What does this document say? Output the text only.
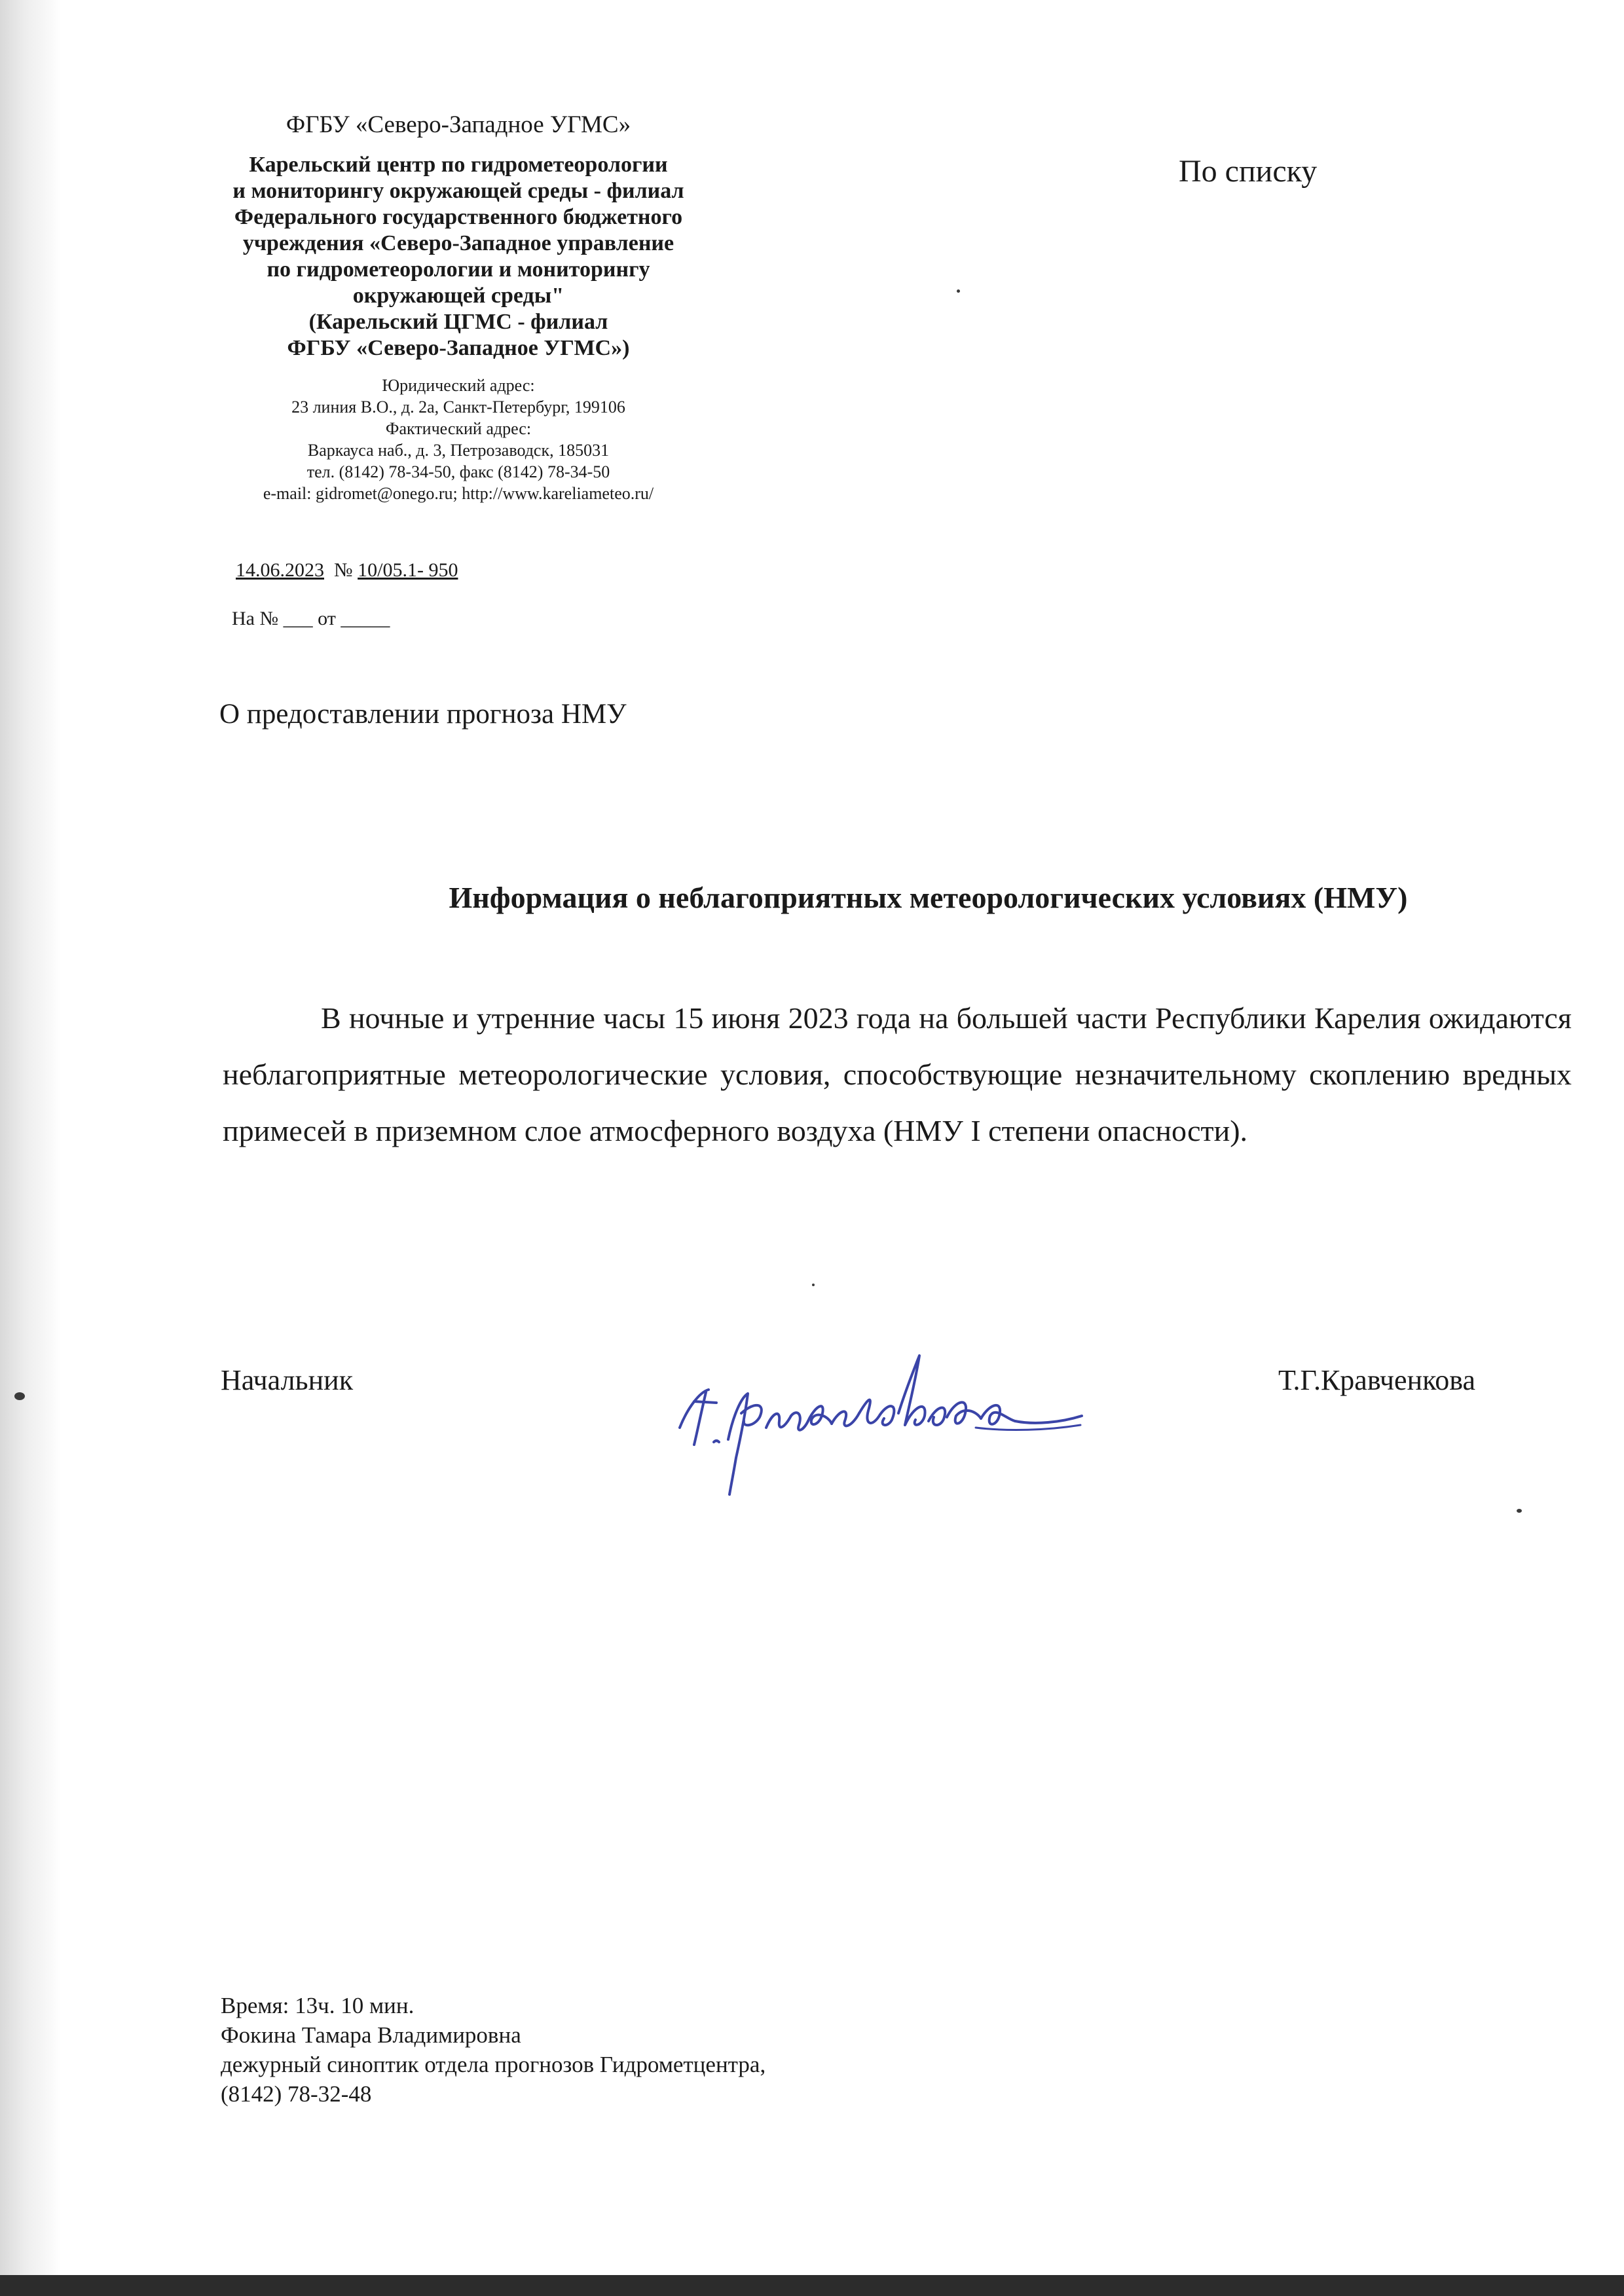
ФГБУ «Северо-Западное УГМС»
Карельский центр по гидрометеорологии
и мониторингу окружающей среды - филиал
Федерального государственного бюджетного
учреждения «Северо-Западное управление
по гидрометеорологии и мониторингу
окружающей среды"
(Карельский ЦГМС - филиал
ФГБУ «Северо-Западное УГМС»)
Юридический адрес:
23 линия В.О., д. 2а, Санкт-Петербург, 199106
Фактический адрес:
Варкауса наб., д. 3, Петрозаводск, 185031
тел. (8142) 78-34-50, факс (8142) 78-34-50
e-mail: gidromet@onego.ru; http://www.kareliameteo.ru/
14.06.2023 № 10/05.1- 950
На № ___ от _____
По списку
О предоставлении прогноза НМУ
Информация о неблагоприятных метеорологических условиях (НМУ)
В ночные и утренние часы 15 июня 2023 года на большей части Республики Карелия ожидаются неблагоприятные метеорологические условия, способствующие незначительному скоплению вредных примесей в приземном слое атмосферного воздуха (НМУ I степени опасности).
Начальник	Т.Г.Кравченкова
Время: 13ч. 10 мин.
Фокина Тамара Владимировна
дежурный синоптик отдела прогнозов Гидрометцентра,
(8142) 78-32-48
